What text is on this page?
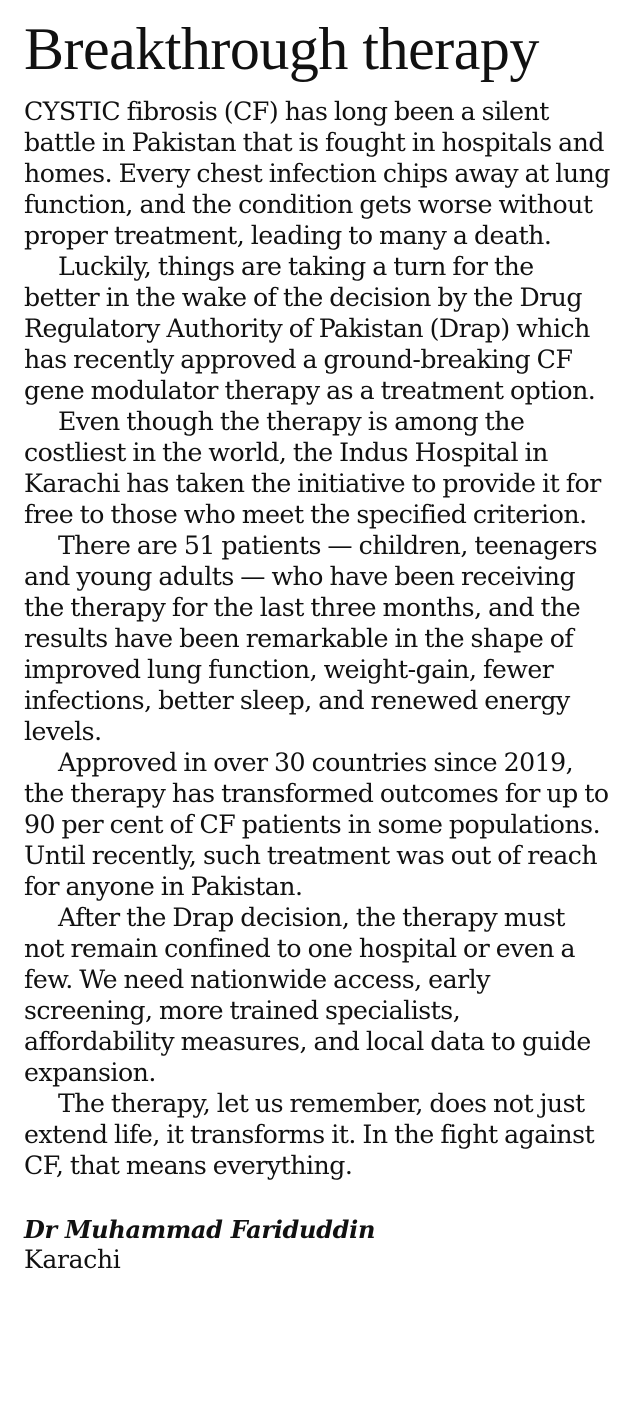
Breakthrough therapy

CYSTIC fibrosis (CF) has long been a silent battle in Pakistan that is fought in hospitals and homes. Every chest infection chips away at lung function, and the condition gets worse without proper treatment, leading to many a death.

Luckily, things are taking a turn for the better in the wake of the decision by the Drug Regulatory Authority of Pakistan (Drap) which has recently approved a ground-breaking CF gene modulator therapy as a treatment option.

Even though the therapy is among the costliest in the world, the Indus Hospital in Karachi has taken the initiative to provide it for free to those who meet the specified criterion.

There are 51 patients — children, teenagers and young adults — who have been receiving the therapy for the last three months, and the results have been remarkable in the shape of improved lung function, weight-gain, fewer infections, better sleep, and renewed energy levels.

Approved in over 30 countries since 2019, the therapy has transformed outcomes for up to 90 per cent of CF patients in some populations. Until recently, such treatment was out of reach for anyone in Pakistan.

After the Drap decision, the therapy must not remain confined to one hospital or even a few. We need nationwide access, early screening, more trained specialists, affordability measures, and local data to guide expansion.

The therapy, let us remember, does not just extend life, it transforms it. In the fight against CF, that means everything.

Dr Muhammad Fariduddin
Karachi
